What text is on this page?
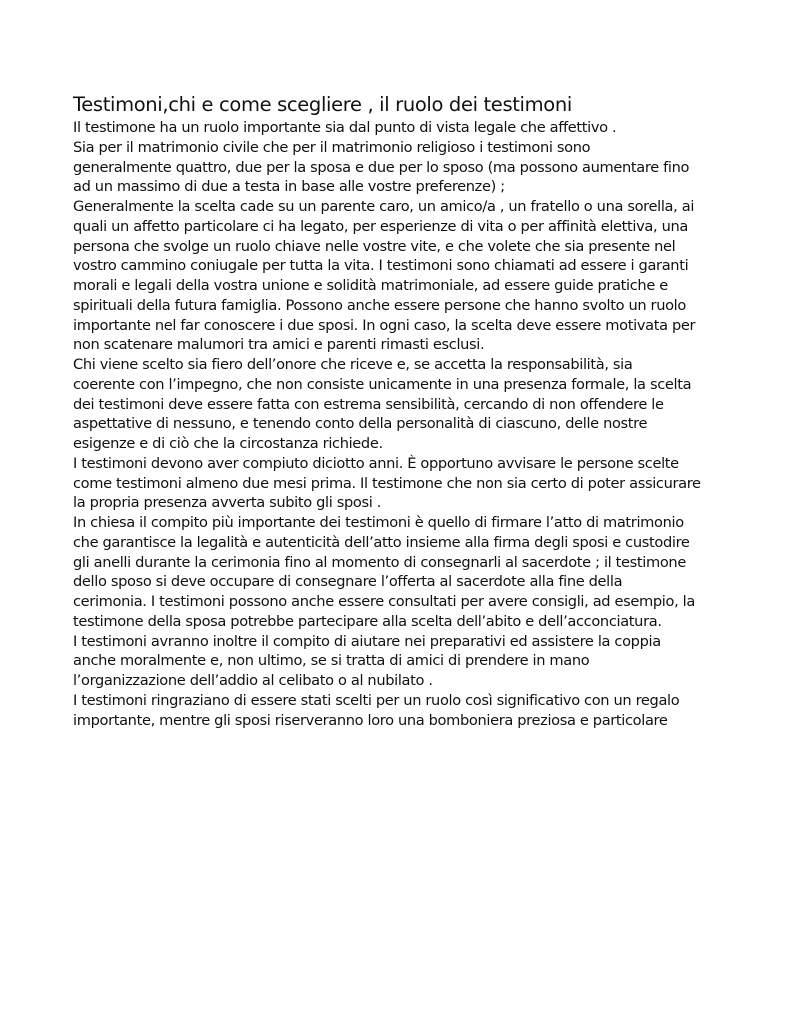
Testimoni,chi e come scegliere , il ruolo dei testimoni

Il testimone ha un ruolo importante sia dal punto di vista legale che affettivo .

Sia per il matrimonio civile che per il matrimonio religioso i testimoni sono

generalmente quattro, due per la sposa e due per lo sposo (ma possono aumentare fino

ad un massimo di due a testa in base alle vostre preferenze) ;

Generalmente la scelta cade su un parente caro, un amico/a , un fratello o una sorella, ai

quali un affetto particolare ci ha legato, per esperienze di vita o per affinità elettiva, una

persona che svolge un ruolo chiave nelle vostre vite, e che volete che sia presente nel

vostro cammino coniugale per tutta la vita. I testimoni sono chiamati ad essere i garanti

morali e legali della vostra unione e solidità matrimoniale, ad essere guide pratiche e

spirituali della futura famiglia. Possono anche essere persone che hanno svolto un ruolo

importante nel far conoscere i due sposi. In ogni caso, la scelta deve essere motivata per

non scatenare malumori tra amici e parenti rimasti esclusi.

Chi viene scelto sia fiero dell’onore che riceve e, se accetta la responsabilità, sia

coerente con l’impegno, che non consiste unicamente in una presenza formale, la scelta

dei testimoni deve essere fatta con estrema sensibilità, cercando di non offendere le

aspettative di nessuno, e tenendo conto della personalità di ciascuno, delle nostre

esigenze e di ciò che la circostanza richiede.

I testimoni devono aver compiuto diciotto anni. È opportuno avvisare le persone scelte

come testimoni almeno due mesi prima. Il testimone che non sia certo di poter assicurare

la propria presenza avverta subito gli sposi .

In chiesa il compito più importante dei testimoni è quello di firmare l’atto di matrimonio

che garantisce la legalità e autenticità dell’atto insieme alla firma degli sposi e custodire

gli anelli durante la cerimonia fino al momento di consegnarli al sacerdote ; il testimone

dello sposo si deve occupare di consegnare l’offerta al sacerdote alla fine della

cerimonia. I testimoni possono anche essere consultati per avere consigli, ad esempio, la

testimone della sposa potrebbe partecipare alla scelta dell’abito e dell’acconciatura.

I testimoni avranno inoltre il compito di aiutare nei preparativi ed assistere la coppia

anche moralmente e, non ultimo, se si tratta di amici di prendere in mano

l’organizzazione dell’addio al celibato o al nubilato .

I testimoni ringraziano di essere stati scelti per un ruolo così significativo con un regalo

importante, mentre gli sposi riserveranno loro una bomboniera preziosa e particolare
